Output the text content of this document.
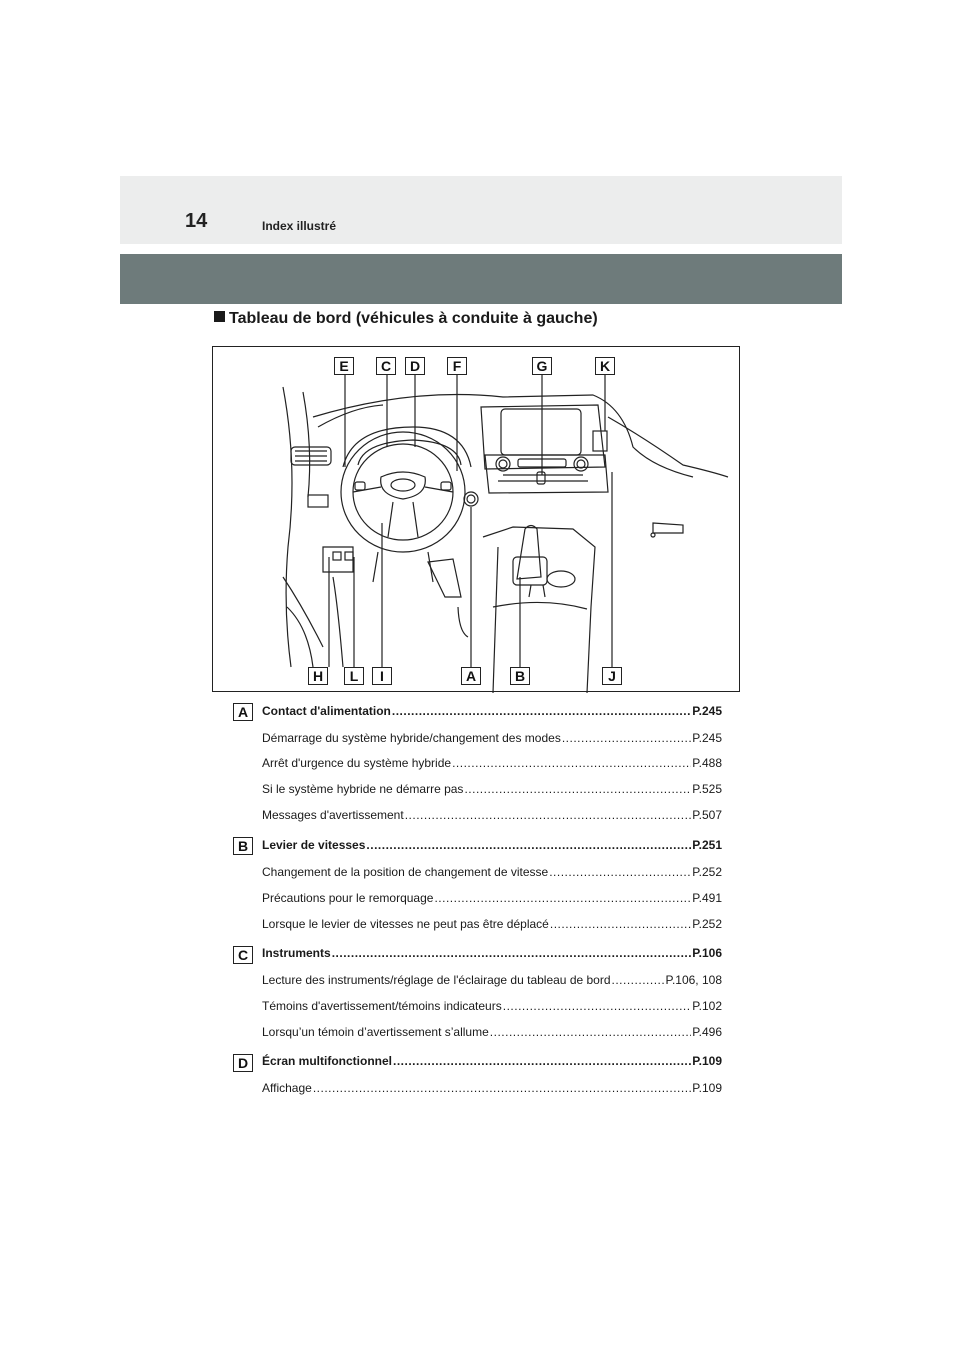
14	Index illustré
Tableau de bord (véhicules à conduite à gauche)
E	C	D	F	G	K
H	L	I	A	B	J
A	Contact d'alimentation .....	P.245
Démarrage du système hybride/changement des modes .....	P.245
Arrêt d'urgence du système hybride .....	P.488
Si le système hybride ne démarre pas .....	P.525
Messages d'avertissement .....	P.507
B	Levier de vitesses .....	P.251
Changement de la position de changement de vitesse .....	P.252
Précautions pour le remorquage .....	P.491
Lorsque le levier de vitesses ne peut pas être déplacé .....	P.252
C	Instruments .....	P.106
Lecture des instruments/réglage de l'éclairage du tableau de bord .....	P.106, 108
Témoins d'avertissement/témoins indicateurs .....	P.102
Lorsqu’un témoin d’avertissement s’allume .....	P.496
D	Écran multifonctionnel .....	P.109
Affichage .....	P.109
